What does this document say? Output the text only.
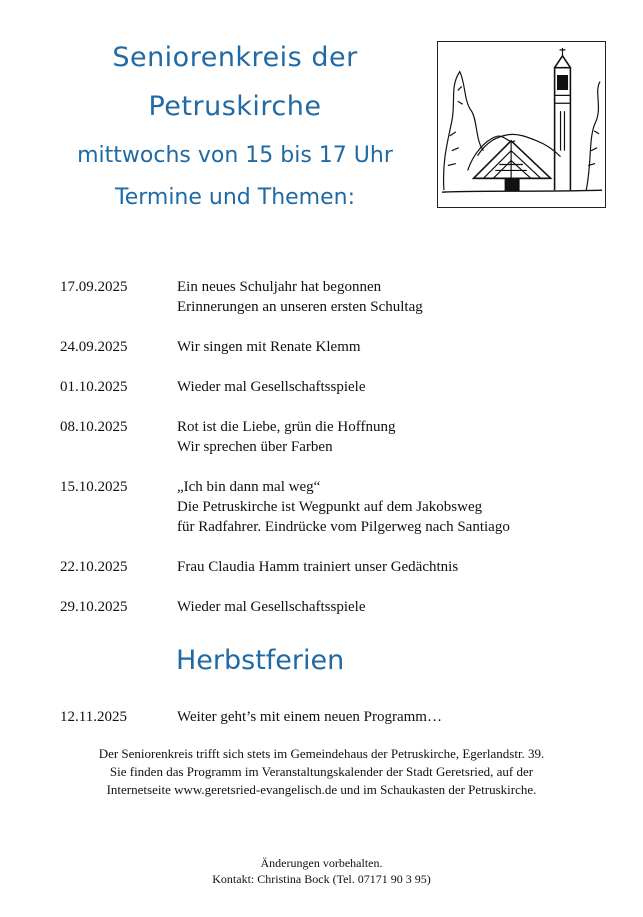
Seniorenkreis der
Petruskirche
mittwochs von 15 bis 17 Uhr
Termine und Themen:
17.09.2025	Ein neues Schuljahr hat begonnen
Erinnerungen an unseren ersten Schultag
24.09.2025	Wir singen mit Renate Klemm
01.10.2025	Wieder mal Gesellschaftsspiele
08.10.2025	Rot ist die Liebe, grün die Hoffnung
Wir sprechen über Farben
15.10.2025	„Ich bin dann mal weg“
Die Petruskirche ist Wegpunkt auf dem Jakobsweg
für Radfahrer. Eindrücke vom Pilgerweg nach Santiago
22.10.2025	Frau Claudia Hamm trainiert unser Gedächtnis
29.10.2025	Wieder mal Gesellschaftsspiele
Herbstferien
12.11.2025	Weiter geht’s mit einem neuen Programm…
Der Seniorenkreis trifft sich stets im Gemeindehaus der Petruskirche, Egerlandstr. 39.
Sie finden das Programm im Veranstaltungskalender der Stadt Geretsried, auf der
Internetseite www.geretsried-evangelisch.de und im Schaukasten der Petruskirche.
Änderungen vorbehalten.
Kontakt: Christina Bock (Tel. 07171 90 3 95)
